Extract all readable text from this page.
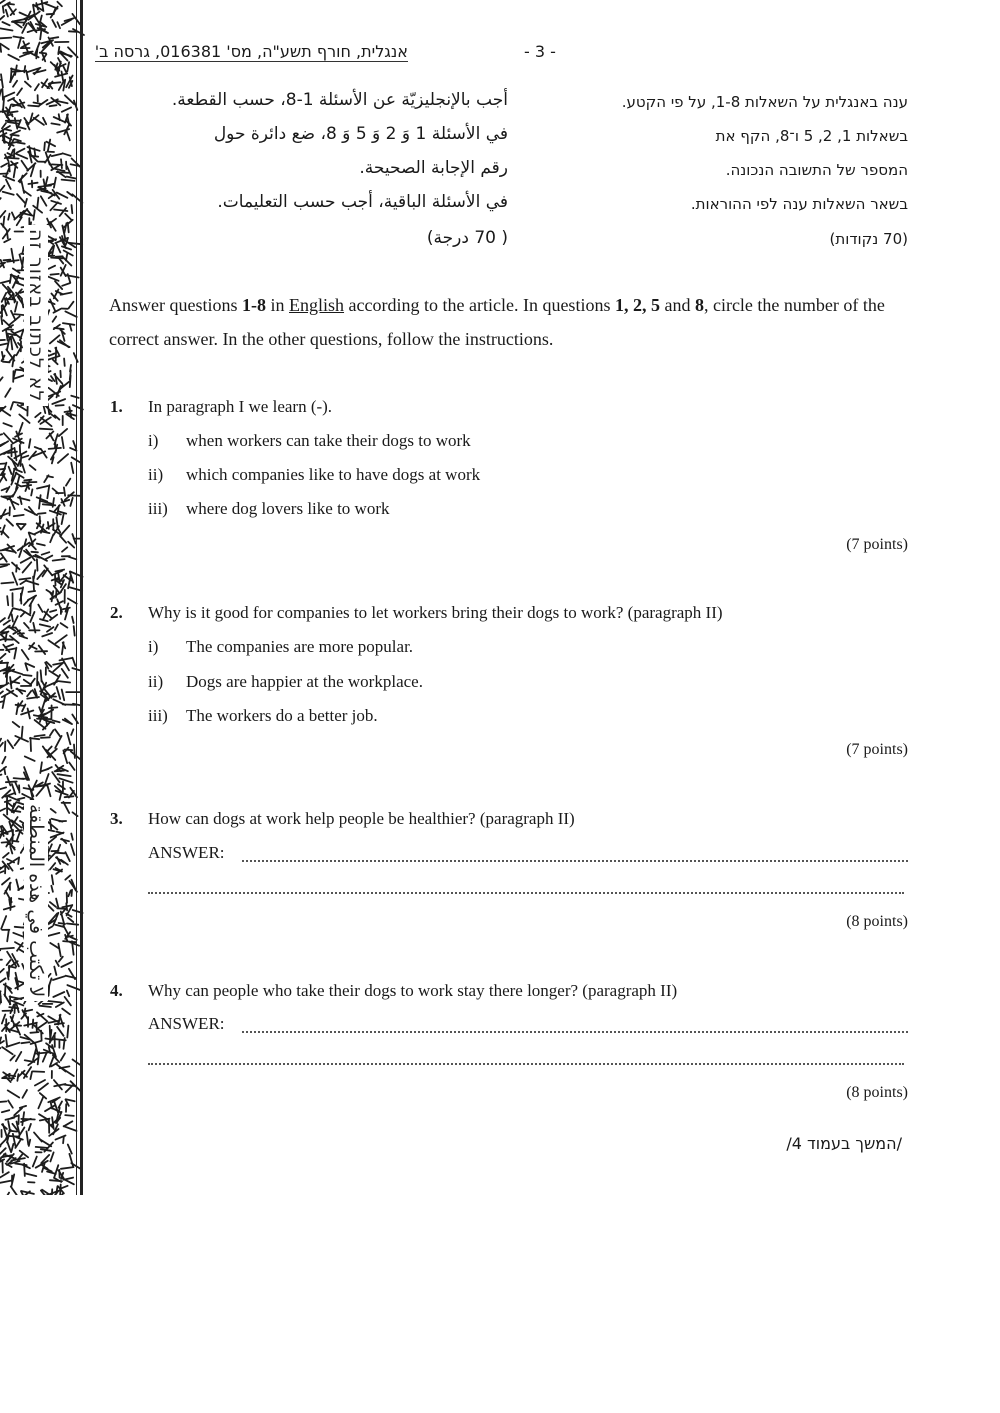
לא לכתוב באזור זה
لا تكتب في هذه المنطقة
- 3 -
אנגלית, חורף תשע"ה, מס' 016381, גרסה ב'
أجب بالإنجليزيّة عن الأسئلة 1-8، حسب القطعة.
في الأسئلة 1 وَ 2 وَ 5 وَ 8، ضع دائرة حول
رقم الإجابة الصحيحة.
في الأسئلة الباقية، أجب حسب التعليمات.
( 70 درجة)
ענה באנגלית על השאלות 1-8, על פי הקטע.
בשאלות 1, 2, 5 ו־8, הקף את
המספר של התשובה הנכונה.
בשאר השאלות ענה לפי ההוראות.
(70 נקודות)
Answer questions 1-8 in English according to the article. In questions 1, 2, 5 and 8, circle the number of the correct answer. In the other questions, follow the instructions.
1. In paragraph I we learn (-).
i) when workers can take their dogs to work
ii) which companies like to have dogs at work
iii) where dog lovers like to work
(7 points)
2. Why is it good for companies to let workers bring their dogs to work? (paragraph II)
i) The companies are more popular.
ii) Dogs are happier at the workplace.
iii) The workers do a better job.
(7 points)
3. How can dogs at work help people be healthier? (paragraph II)
ANSWER:
(8 points)
4. Why can people who take their dogs to work stay there longer? (paragraph II)
ANSWER:
(8 points)
/המשך בעמוד 4/
